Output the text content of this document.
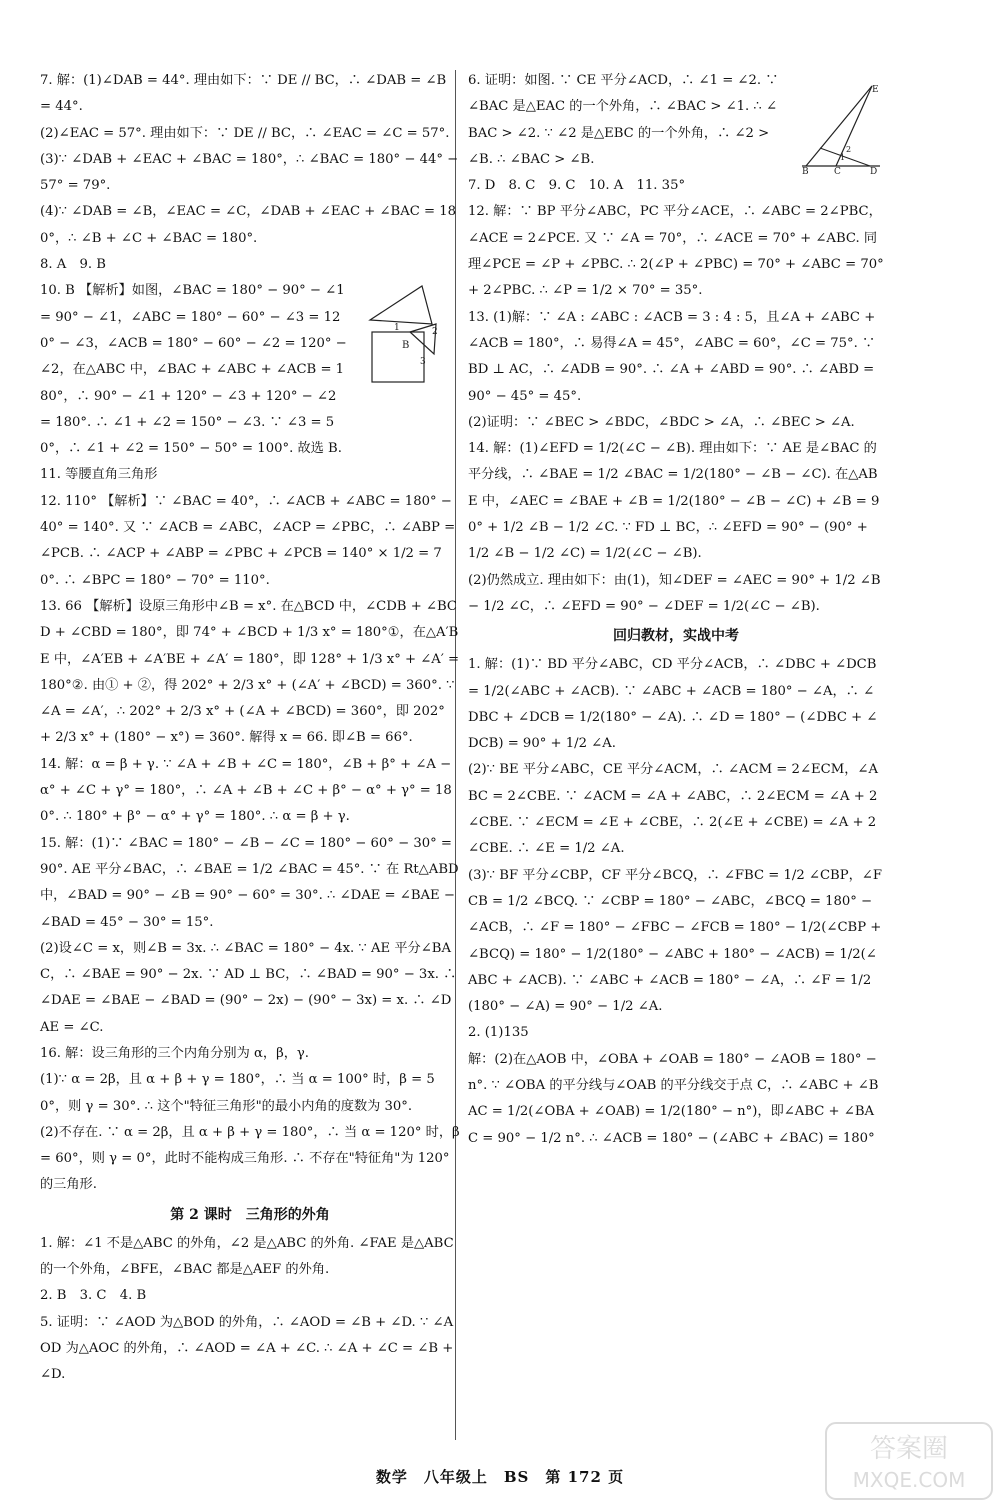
7. 解：(1)∠DAB = 44°. 理由如下：∵ DE // BC，∴ ∠DAB = ∠B = 44°.

(2)∠EAC = 57°. 理由如下：∵ DE // BC，∴ ∠EAC = ∠C = 57°.

(3)∵ ∠DAB + ∠EAC + ∠BAC = 180°，∴ ∠BAC = 180° − 44° − 57° = 79°.

(4)∵ ∠DAB = ∠B，∠EAC = ∠C，∠DAB + ∠EAC + ∠BAC = 180°，∴ ∠B + ∠C + ∠BAC = 180°.

8. A　9. B

10. B 【解析】如图，∠BAC = 180° − 90° − ∠1 = 90° − ∠1，∠ABC = 180° − 60° − ∠3 = 120° − ∠3，∠ACB = 180° − 60° − ∠2 = 120° − ∠2，在△ABC 中，∠BAC + ∠ABC + ∠ACB = 180°，∴ 90° − ∠1 + 120° − ∠3 + 120° − ∠2 = 180°. ∴ ∠1 + ∠2 = 150° − ∠3. ∵ ∠3 = 50°，∴ ∠1 + ∠2 = 150° − 50° = 100°. 故选 B.

11. 等腰直角三角形

12. 110° 【解析】∵ ∠BAC = 40°，∴ ∠ACB + ∠ABC = 180° − 40° = 140°. 又 ∵ ∠ACB = ∠ABC，∠ACP = ∠PBC，∴ ∠ABP = ∠PCB. ∴ ∠ACP + ∠ABP = ∠PBC + ∠PCB = 140° × 1/2 = 70°. ∴ ∠BPC = 180° − 70° = 110°.

13. 66 【解析】设原三角形中∠B = x°. 在△BCD 中，∠CDB + ∠BCD + ∠CBD = 180°，即 74° + ∠BCD + 1/3 x° = 180°①，在△A′BE 中，∠A′EB + ∠A′BE + ∠A′ = 180°，即 128° + 1/3 x° + ∠A′ = 180°②. 由① + ②，得 202° + 2/3 x° + (∠A′ + ∠BCD) = 360°. ∵ ∠A = ∠A′，∴ 202° + 2/3 x° + (∠A + ∠BCD) = 360°，即 202° + 2/3 x° + (180° − x°) = 360°. 解得 x = 66. 即∠B = 66°.

14. 解：α = β + γ. ∵ ∠A + ∠B + ∠C = 180°，∠B + β° + ∠A − α° + ∠C + γ° = 180°，∴ ∠A + ∠B + ∠C + β° − α° + γ° = 180°. ∴ 180° + β° − α° + γ° = 180°. ∴ α = β + γ.

15. 解：(1)∵ ∠BAC = 180° − ∠B − ∠C = 180° − 60° − 30° = 90°. AE 平分∠BAC，∴ ∠BAE = 1/2 ∠BAC = 45°. ∵ 在 Rt△ABD 中，∠BAD = 90° − ∠B = 90° − 60° = 30°. ∴ ∠DAE = ∠BAE − ∠BAD = 45° − 30° = 15°.

(2)设∠C = x，则∠B = 3x. ∴ ∠BAC = 180° − 4x. ∵ AE 平分∠BAC，∴ ∠BAE = 90° − 2x. ∵ AD ⊥ BC，∴ ∠BAD = 90° − 3x. ∴ ∠DAE = ∠BAE − ∠BAD = (90° − 2x) − (90° − 3x) = x. ∴ ∠DAE = ∠C.

16. 解：设三角形的三个内角分别为 α，β，γ.

(1)∵ α = 2β，且 α + β + γ = 180°，∴ 当 α = 100° 时，β = 50°，则 γ = 30°. ∴ 这个"特征三角形"的最小内角的度数为 30°.

(2)不存在. ∵ α = 2β，且 α + β + γ = 180°，∴ 当 α = 120° 时，β = 60°，则 γ = 0°，此时不能构成三角形. ∴ 不存在"特征角"为 120° 的三角形.

第 2 课时　三角形的外角

1. 解：∠1 不是△ABC 的外角，∠2 是△ABC 的外角. ∠FAE 是△ABC 的一个外角，∠BFE，∠BAC 都是△AEF 的外角.

2. B　3. C　4. B

5. 证明：∵ ∠AOD 为△BOD 的外角，∴ ∠AOD = ∠B + ∠D. ∵ ∠AOD 为△AOC 的外角，∴ ∠AOD = ∠A + ∠C. ∴ ∠A + ∠C = ∠B + ∠D.

B
1	2
3

6. 证明：如图. ∵ CE 平分∠ACD，∴ ∠1 = ∠2. ∵ ∠BAC 是△EAC 的一个外角，∴ ∠BAC > ∠1. ∴ ∠BAC > ∠2. ∵ ∠2 是△EBC 的一个外角，∴ ∠2 > ∠B. ∴ ∠BAC > ∠B.

7. D　8. C　9. C　10. A　11. 35°

12. 解：∵ BP 平分∠ABC，PC 平分∠ACE，∴ ∠ABC = 2∠PBC，∠ACE = 2∠PCE. 又 ∵ ∠A = 70°，∴ ∠ACE = 70° + ∠ABC. 同理∠PCE = ∠P + ∠PBC. ∴ 2(∠P + ∠PBC) = 70° + ∠ABC = 70° + 2∠PBC. ∴ ∠P = 1/2 × 70° = 35°.

13. (1)解：∵ ∠A : ∠ABC : ∠ACB = 3 : 4 : 5，且∠A + ∠ABC + ∠ACB = 180°，∴ 易得∠A = 45°，∠ABC = 60°，∠C = 75°. ∵ BD ⊥ AC，∴ ∠ADB = 90°. ∴ ∠A + ∠ABD = 90°. ∴ ∠ABD = 90° − 45° = 45°.

(2)证明：∵ ∠BEC > ∠BDC，∠BDC > ∠A，∴ ∠BEC > ∠A.

14. 解：(1)∠EFD = 1/2(∠C − ∠B). 理由如下：∵ AE 是∠BAC 的平分线，∴ ∠BAE = 1/2 ∠BAC = 1/2(180° − ∠B − ∠C). 在△ABE 中，∠AEC = ∠BAE + ∠B = 1/2(180° − ∠B − ∠C) + ∠B = 90° + 1/2 ∠B − 1/2 ∠C. ∵ FD ⊥ BC，∴ ∠EFD = 90° − (90° + 1/2 ∠B − 1/2 ∠C) = 1/2(∠C − ∠B).

(2)仍然成立. 理由如下：由(1)，知∠DEF = ∠AEC = 90° + 1/2 ∠B − 1/2 ∠C，∴ ∠EFD = 90° − ∠DEF = 1/2(∠C − ∠B).

回归教材，实战中考

1. 解：(1)∵ BD 平分∠ABC，CD 平分∠ACB，∴ ∠DBC + ∠DCB = 1/2(∠ABC + ∠ACB). ∵ ∠ABC + ∠ACB = 180° − ∠A，∴ ∠DBC + ∠DCB = 1/2(180° − ∠A). ∴ ∠D = 180° − (∠DBC + ∠DCB) = 90° + 1/2 ∠A.

(2)∵ BE 平分∠ABC，CE 平分∠ACM，∴ ∠ACM = 2∠ECM，∠ABC = 2∠CBE. ∵ ∠ACM = ∠A + ∠ABC，∴ 2∠ECM = ∠A + 2∠CBE. ∵ ∠ECM = ∠E + ∠CBE，∴ 2(∠E + ∠CBE) = ∠A + 2∠CBE. ∴ ∠E = 1/2 ∠A.

(3)∵ BF 平分∠CBP，CF 平分∠BCQ，∴ ∠FBC = 1/2 ∠CBP，∠FCB = 1/2 ∠BCQ. ∵ ∠CBP = 180° − ∠ABC，∠BCQ = 180° − ∠ACB，∴ ∠F = 180° − ∠FBC − ∠FCB = 180° − 1/2(∠CBP + ∠BCQ) = 180° − 1/2(180° − ∠ABC + 180° − ∠ACB) = 1/2(∠ABC + ∠ACB). ∵ ∠ABC + ∠ACB = 180° − ∠A，∴ ∠F = 1/2(180° − ∠A) = 90° − 1/2 ∠A.

2. (1)135

解：(2)在△AOB 中，∠OBA + ∠OAB = 180° − ∠AOB = 180° − n°. ∵ ∠OBA 的平分线与∠OAB 的平分线交于点 C，∴ ∠ABC + ∠BAC = 1/2(∠OBA + ∠OAB) = 1/2(180° − n°)，即∠ABC + ∠BAC = 90° − 1/2 n°. ∴ ∠ACB = 180° − (∠ABC + ∠BAC) = 180°

E
B	C	D
1
2
数学　八年级上　BS　第 172 页
答案圈
MXQE.COM
